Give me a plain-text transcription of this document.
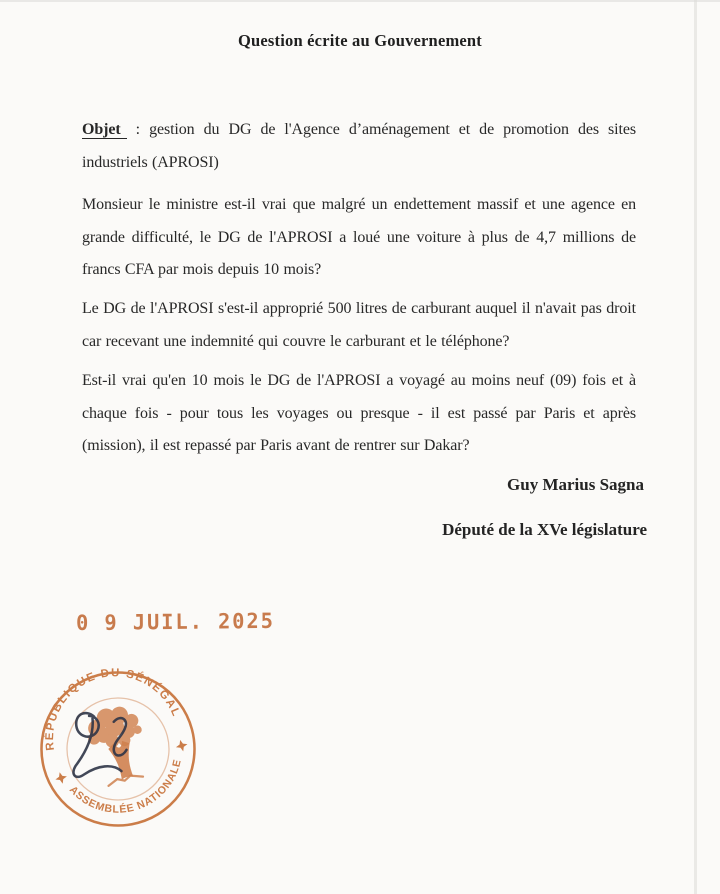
Question écrite au Gouvernement
Objet : gestion du DG de l'Agence d’aménagement et de promotion des sites industriels (APROSI)
Monsieur le ministre est-il vrai que malgré un endettement massif et une agence en grande difficulté, le DG de l'APROSI a loué une voiture à plus de 4,7 millions de francs CFA par mois depuis 10 mois?
Le DG de l'APROSI s'est-il approprié 500 litres de carburant auquel il n'avait pas droit car recevant une indemnité qui couvre le carburant et le téléphone?
Est-il vrai qu'en 10 mois le DG de l'APROSI a voyagé au moins neuf (09) fois et à chaque fois - pour tous les voyages ou presque - il est passé par Paris et après (mission), il est repassé par Paris avant de rentrer sur Dakar?
Guy Marius Sagna
Député de la XVe législature
0 9 JUIL. 2025
RÉPUBLIQUE DU SÉNÉGAL
ASSEMBLÉE NATIONALE
